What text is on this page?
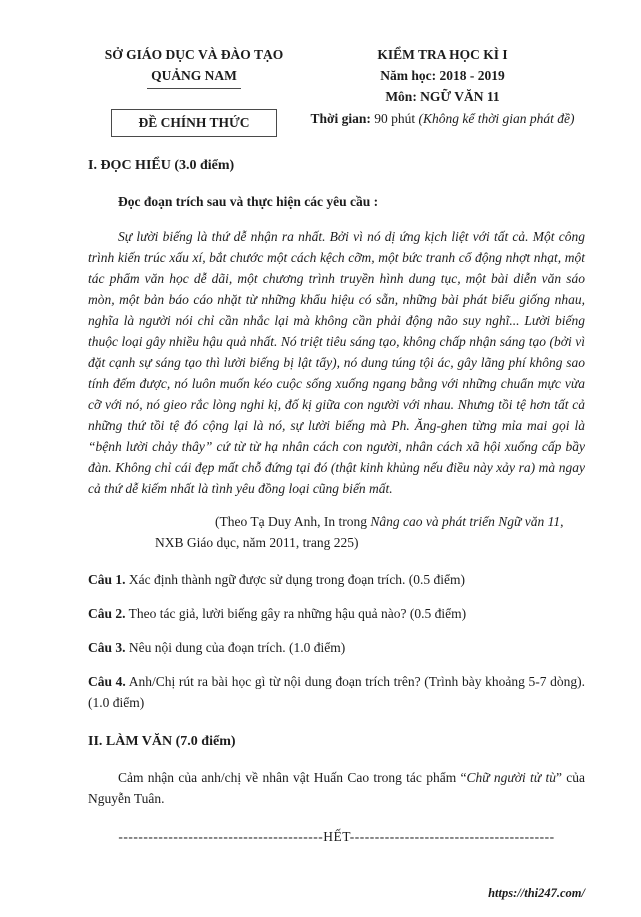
SỞ GIÁO DỤC VÀ ĐÀO TẠO
QUẢNG NAM
ĐỀ CHÍNH THỨC
KIỂM TRA HỌC KÌ I
Năm học: 2018 - 2019
Môn: NGỮ VĂN 11
Thời gian: 90 phút (Không kể thời gian phát đề)
I. ĐỌC HIỂU (3.0 điểm)
Đọc đoạn trích sau và thực hiện các yêu cầu :

Sự lười biếng là thứ dễ nhận ra nhất. Bởi vì nó dị ứng kịch liệt với tất cả. Một công trình kiến trúc xấu xí, bắt chước một cách kệch cỡm, một bức tranh cổ động nhợt nhạt, một tác phẩm văn học dễ dãi, một chương trình truyền hình dung tục, một bài diễn văn sáo mòn, một bản báo cáo nhặt từ những khẩu hiệu có sẵn, những bài phát biểu giống nhau, nghĩa là người nói chỉ cần nhắc lại mà không cần phải động não suy nghĩ... Lười biếng thuộc loại gây nhiều hậu quả nhất. Nó triệt tiêu sáng tạo, không chấp nhận sáng tạo (bởi vì đặt cạnh sự sáng tạo thì lười biếng bị lật tẩy), nó dung túng tội ác, gây lãng phí không sao tính đếm được, nó luôn muốn kéo cuộc sống xuống ngang bằng với những chuẩn mực vừa cỡ với nó, nó gieo rắc lòng nghi kị, đố kị giữa con người với nhau. Nhưng tồi tệ hơn tất cả những thứ tồi tệ đó cộng lại là nó, sự lười biếng mà Ph. Ăng-ghen từng mỉa mai gọi là “bệnh lười chảy thây” cứ từ từ hạ nhân cách con người, nhân cách xã hội xuống cấp bầy đàn. Không chỉ cái đẹp mất chỗ đứng tại đó (thật kinh khủng nếu điều này xảy ra) mà ngay cả thứ dễ kiếm nhất là tình yêu đồng loại cũng biến mất.

(Theo Tạ Duy Anh, In trong Nâng cao và phát triển Ngữ văn 11,
NXB Giáo dục, năm 2011, trang 225)

Câu 1. Xác định thành ngữ được sử dụng trong đoạn trích. (0.5 điểm)

Câu 2. Theo tác giả, lười biếng gây ra những hậu quả nào? (0.5 điểm)

Câu 3. Nêu nội dung của đoạn trích. (1.0 điểm)

Câu 4. Anh/Chị rút ra bài học gì từ nội dung đoạn trích trên? (Trình bày khoảng 5-7 dòng). (1.0 điểm)

II. LÀM VĂN (7.0 điểm)

Cảm nhận của anh/chị về nhân vật Huấn Cao trong tác phẩm “Chữ người tử tù” của Nguyễn Tuân.

-----------------------------------------HẾT-----------------------------------------
https://thi247.com/
